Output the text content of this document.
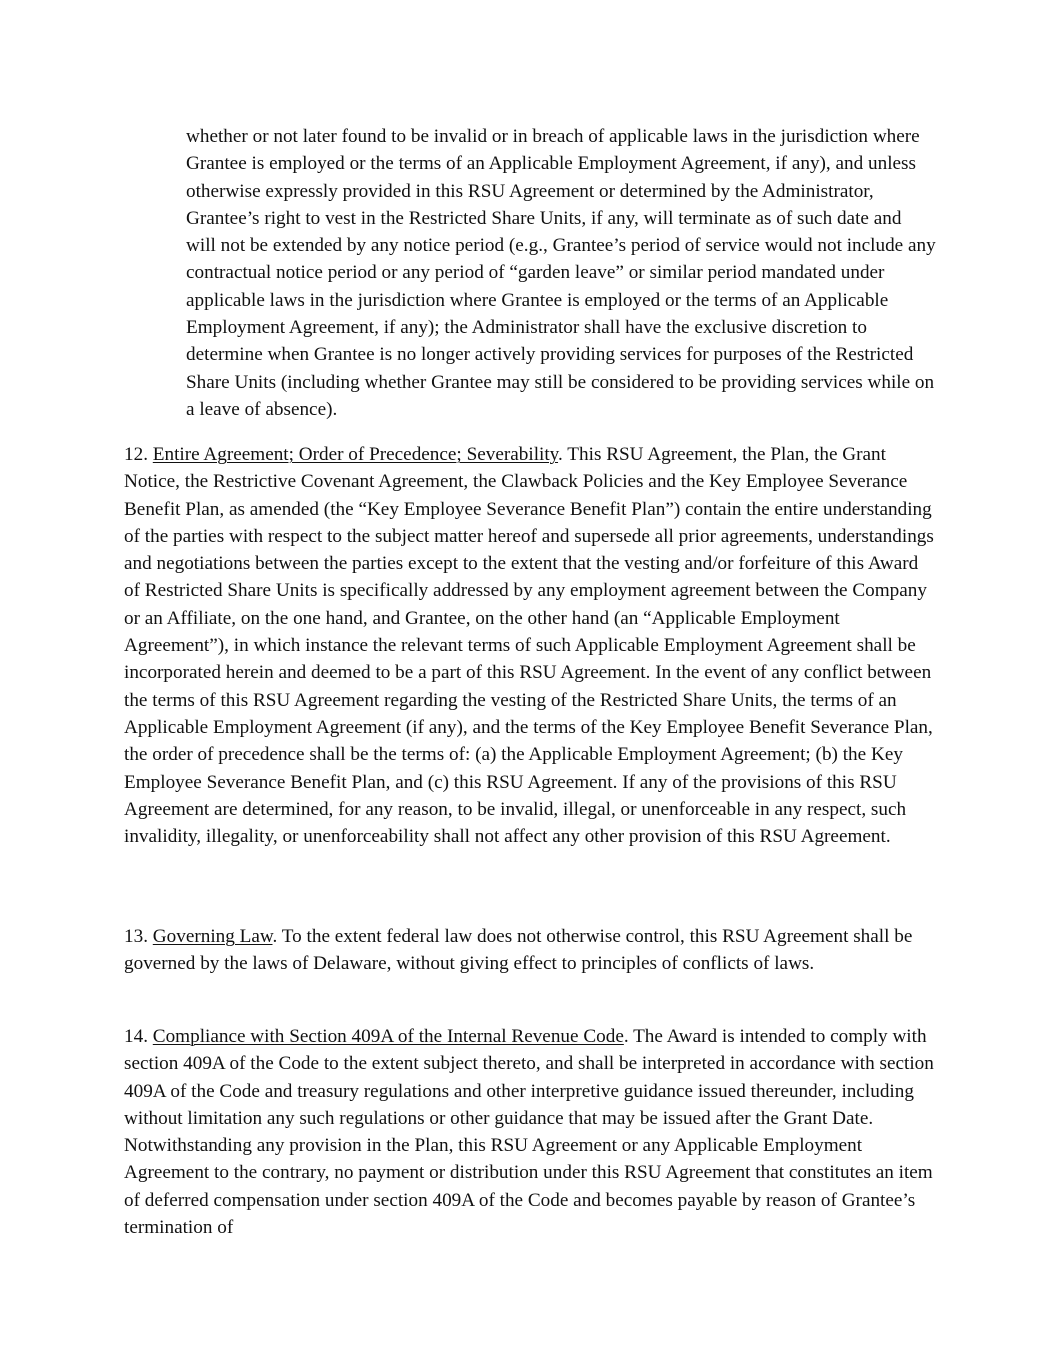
whether or not later found to be invalid or in breach of applicable laws in the jurisdiction where Grantee is employed or the terms of an Applicable Employment Agreement, if any), and unless otherwise expressly provided in this RSU Agreement or determined by the Administrator, Grantee’s right to vest in the Restricted Share Units, if any, will terminate as of such date and will not be extended by any notice period (e.g., Grantee’s period of service would not include any contractual notice period or any period of “garden leave” or similar period mandated under applicable laws in the jurisdiction where Grantee is employed or the terms of an Applicable Employment Agreement, if any); the Administrator shall have the exclusive discretion to determine when Grantee is no longer actively providing services for purposes of the Restricted Share Units (including whether Grantee may still be considered to be providing services while on a leave of absence).

12. Entire Agreement; Order of Precedence; Severability. This RSU Agreement, the Plan, the Grant Notice, the Restrictive Covenant Agreement, the Clawback Policies and the Key Employee Severance Benefit Plan, as amended (the “Key Employee Severance Benefit Plan”) contain the entire understanding of the parties with respect to the subject matter hereof and supersede all prior agreements, understandings and negotiations between the parties except to the extent that the vesting and/or forfeiture of this Award of Restricted Share Units is specifically addressed by any employment agreement between the Company or an Affiliate, on the one hand, and Grantee, on the other hand (an “Applicable Employment Agreement”), in which instance the relevant terms of such Applicable Employment Agreement shall be incorporated herein and deemed to be a part of this RSU Agreement. In the event of any conflict between the terms of this RSU Agreement regarding the vesting of the Restricted Share Units, the terms of an Applicable Employment Agreement (if any), and the terms of the Key Employee Benefit Severance Plan, the order of precedence shall be the terms of: (a) the Applicable Employment Agreement; (b) the Key Employee Severance Benefit Plan, and (c) this RSU Agreement. If any of the provisions of this RSU Agreement are determined, for any reason, to be invalid, illegal, or unenforceable in any respect, such invalidity, illegality, or unenforceability shall not affect any other provision of this RSU Agreement.

13. Governing Law. To the extent federal law does not otherwise control, this RSU Agreement shall be governed by the laws of Delaware, without giving effect to principles of conflicts of laws.

14. Compliance with Section 409A of the Internal Revenue Code. The Award is intended to comply with section 409A of the Code to the extent subject thereto, and shall be interpreted in accordance with section 409A of the Code and treasury regulations and other interpretive guidance issued thereunder, including without limitation any such regulations or other guidance that may be issued after the Grant Date. Notwithstanding any provision in the Plan, this RSU Agreement or any Applicable Employment Agreement to the contrary, no payment or distribution under this RSU Agreement that constitutes an item of deferred compensation under section 409A of the Code and becomes payable by reason of Grantee’s termination of
